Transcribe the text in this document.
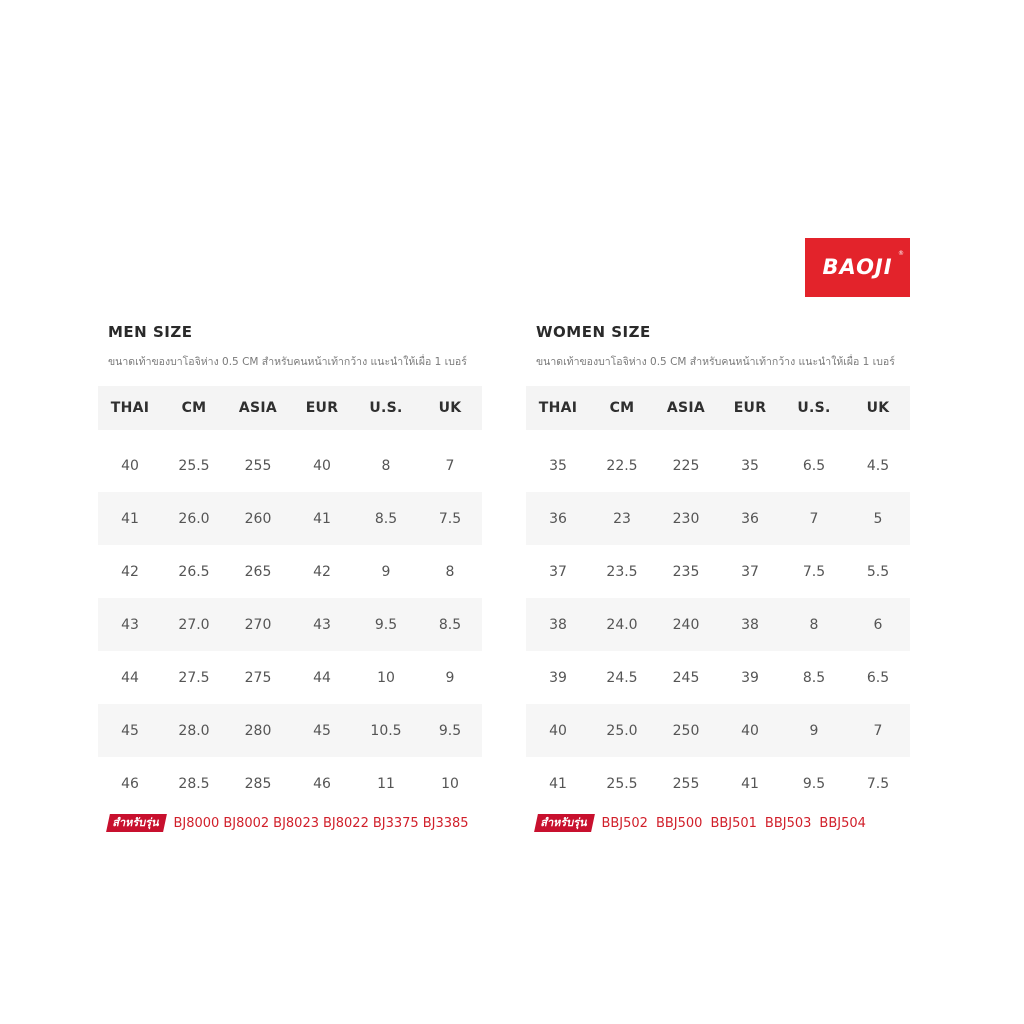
BAOJI
®
MEN SIZE
ขนาดเท้าของบาโอจิห่าง 0.5 CM สำหรับคนหน้าเท้ากว้าง แนะนำให้เผื่อ 1 เบอร์
THAI	CM	ASIA	EUR	U.S.	UK
40	25.5	255	40	8	7
41	26.0	260	41	8.5	7.5
42	26.5	265	42	9	8
43	27.0	270	43	9.5	8.5
44	27.5	275	44	10	9
45	28.0	280	45	10.5	9.5
46	28.5	285	46	11	10
สำหรับรุ่น BJ8000 BJ8002 BJ8023 BJ8022 BJ3375 BJ3385
WOMEN SIZE
ขนาดเท้าของบาโอจิห่าง 0.5 CM สำหรับคนหน้าเท้ากว้าง แนะนำให้เผื่อ 1 เบอร์
THAI	CM	ASIA	EUR	U.S.	UK
35	22.5	225	35	6.5	4.5
36	23	230	36	7	5
37	23.5	235	37	7.5	5.5
38	24.0	240	38	8	6
39	24.5	245	39	8.5	6.5
40	25.0	250	40	9	7
41	25.5	255	41	9.5	7.5
สำหรับรุ่น BBJ502 BBJ500 BBJ501 BBJ503 BBJ504
